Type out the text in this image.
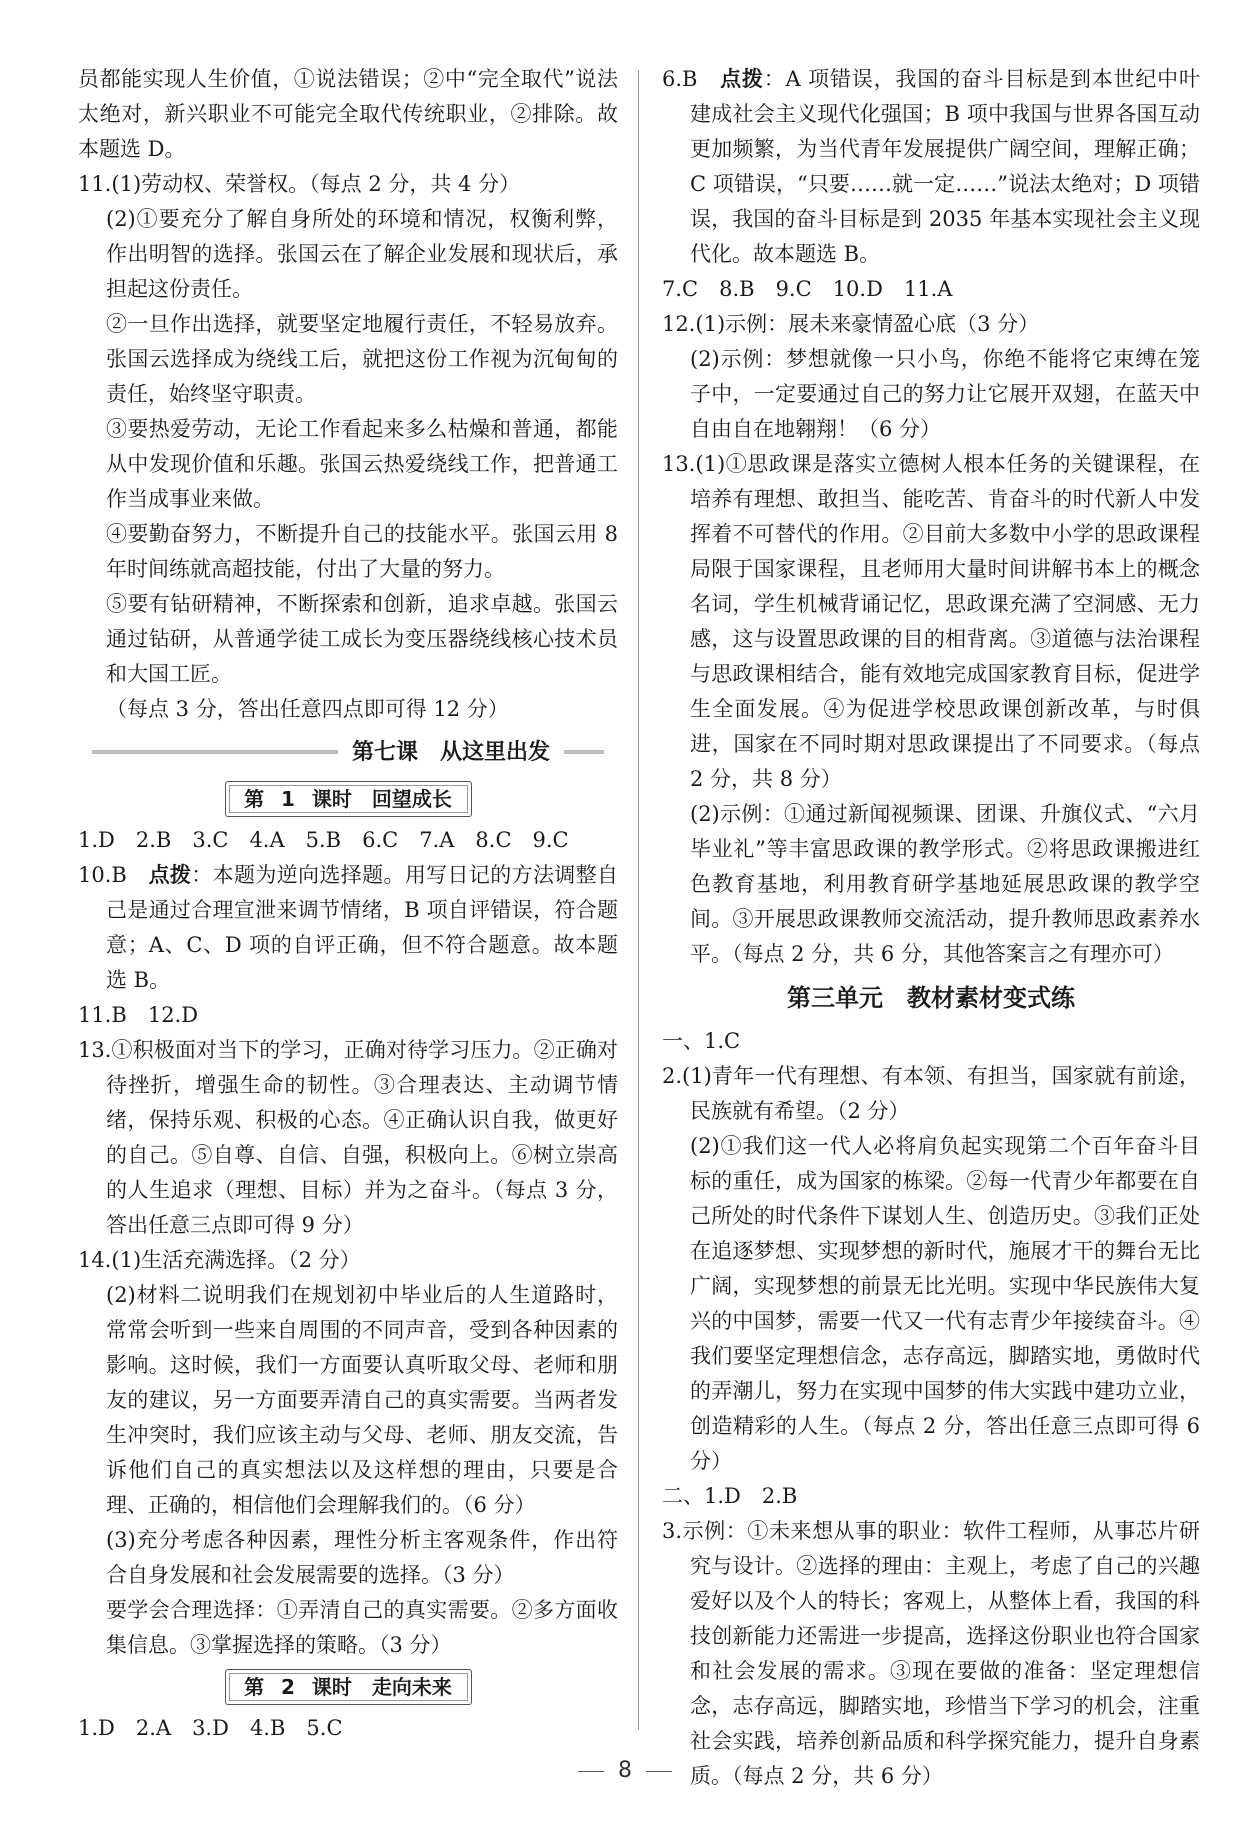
员都能实现人生价值，①说法错误；②中“完全取代”说法太绝对，新兴职业不可能完全取代传统职业，②排除。故本题选 D。

11.(1)劳动权、荣誉权。（每点 2 分，共 4 分）

(2)①要充分了解自身所处的环境和情况，权衡利弊，作出明智的选择。张国云在了解企业发展和现状后，承担起这份责任。

②一旦作出选择，就要坚定地履行责任，不轻易放弃。张国云选择成为绕线工后，就把这份工作视为沉甸甸的责任，始终坚守职责。

③要热爱劳动，无论工作看起来多么枯燥和普通，都能从中发现价值和乐趣。张国云热爱绕线工作，把普通工作当成事业来做。

④要勤奋努力，不断提升自己的技能水平。张国云用 8 年时间练就高超技能，付出了大量的努力。

⑤要有钻研精神，不断探索和创新，追求卓越。张国云通过钻研，从普通学徒工成长为变压器绕线核心技术员和大国工匠。

（每点 3 分，答出任意四点即可得 12 分）

第七课　从这里出发
第 1 课时　回望成长

1.D　2.B　3.C　4.A　5.B　6.C　7.A　8.C　9.C

10.B　 点拨：本题为逆向选择题。用写日记的方法调整自己是通过合理宣泄来调节情绪，B 项自评错误，符合题意；A、C、D 项的自评正确，但不符合题意。故本题选 B。

11.B　12.D

13.①积极面对当下的学习，正确对待学习压力。②正确对待挫折，增强生命的韧性。③合理表达、主动调节情绪，保持乐观、积极的心态。④正确认识自我，做更好的自己。⑤自尊、自信、自强，积极向上。⑥树立崇高的人生追求（理想、目标）并为之奋斗。（每点 3 分，答出任意三点即可得 9 分）

14.(1)生活充满选择。（2 分）

(2)材料二说明我们在规划初中毕业后的人生道路时，常常会听到一些来自周围的不同声音，受到各种因素的影响。这时候，我们一方面要认真听取父母、老师和朋友的建议，另一方面要弄清自己的真实需要。当两者发生冲突时，我们应该主动与父母、老师、朋友交流，告诉他们自己的真实想法以及这样想的理由，只要是合理、正确的，相信他们会理解我们的。（6 分）

(3)充分考虑各种因素，理性分析主客观条件，作出符合自身发展和社会发展需要的选择。（3 分）

要学会合理选择：①弄清自己的真实需要。②多方面收集信息。③掌握选择的策略。（3 分）

第 2 课时　走向未来

1.D　2.A　3.D　4.B　5.C

6.B　 点拨：A 项错误，我国的奋斗目标是到本世纪中叶建成社会主义现代化强国；B 项中我国与世界各国互动更加频繁，为当代青年发展提供广阔空间，理解正确；C 项错误，“只要……就一定……”说法太绝对；D 项错误，我国的奋斗目标是到 2035 年基本实现社会主义现代化。故本题选 B。

7.C　8.B　9.C　10.D　11.A

12.(1)示例：展未来豪情盈心底（3 分）

(2)示例：梦想就像一只小鸟，你绝不能将它束缚在笼子中，一定要通过自己的努力让它展开双翅，在蓝天中自由自在地翱翔！（6 分）

13.(1)①思政课是落实立德树人根本任务的关键课程，在培养有理想、敢担当、能吃苦、肯奋斗的时代新人中发挥着不可替代的作用。②目前大多数中小学的思政课程局限于国家课程，且老师用大量时间讲解书本上的概念名词，学生机械背诵记忆，思政课充满了空洞感、无力感，这与设置思政课的目的相背离。③道德与法治课程与思政课相结合，能有效地完成国家教育目标，促进学生全面发展。④为促进学校思政课创新改革，与时俱进，国家在不同时期对思政课提出了不同要求。（每点 2 分，共 8 分）

(2)示例：①通过新闻视频课、团课、升旗仪式、“六月毕业礼”等丰富思政课的教学形式。②将思政课搬进红色教育基地，利用教育研学基地延展思政课的教学空间。③开展思政课教师交流活动，提升教师思政素养水平。（每点 2 分，共 6 分，其他答案言之有理亦可）

第三单元　教材素材变式练

一、1.C

2.(1)青年一代有理想、有本领、有担当，国家就有前途，民族就有希望。（2 分）

(2)①我们这一代人必将肩负起实现第二个百年奋斗目标的重任，成为国家的栋梁。②每一代青少年都要在自己所处的时代条件下谋划人生、创造历史。③我们正处在追逐梦想、实现梦想的新时代，施展才干的舞台无比广阔，实现梦想的前景无比光明。实现中华民族伟大复兴的中国梦，需要一代又一代有志青少年接续奋斗。④我们要坚定理想信念，志存高远，脚踏实地，勇做时代的弄潮儿，努力在实现中国梦的伟大实践中建功立业，创造精彩的人生。（每点 2 分，答出任意三点即可得 6 分）

二、1.D　2.B

3.示例：①未来想从事的职业：软件工程师，从事芯片研究与设计。②选择的理由：主观上，考虑了自己的兴趣爱好以及个人的特长；客观上，从整体上看，我国的科技创新能力还需进一步提高，选择这份职业也符合国家和社会发展的需求。③现在要做的准备：坚定理想信念，志存高远，脚踏实地，珍惜当下学习的机会，注重社会实践，培养创新品质和科学探究能力，提升自身素质。（每点 2 分，共 6 分）

8
